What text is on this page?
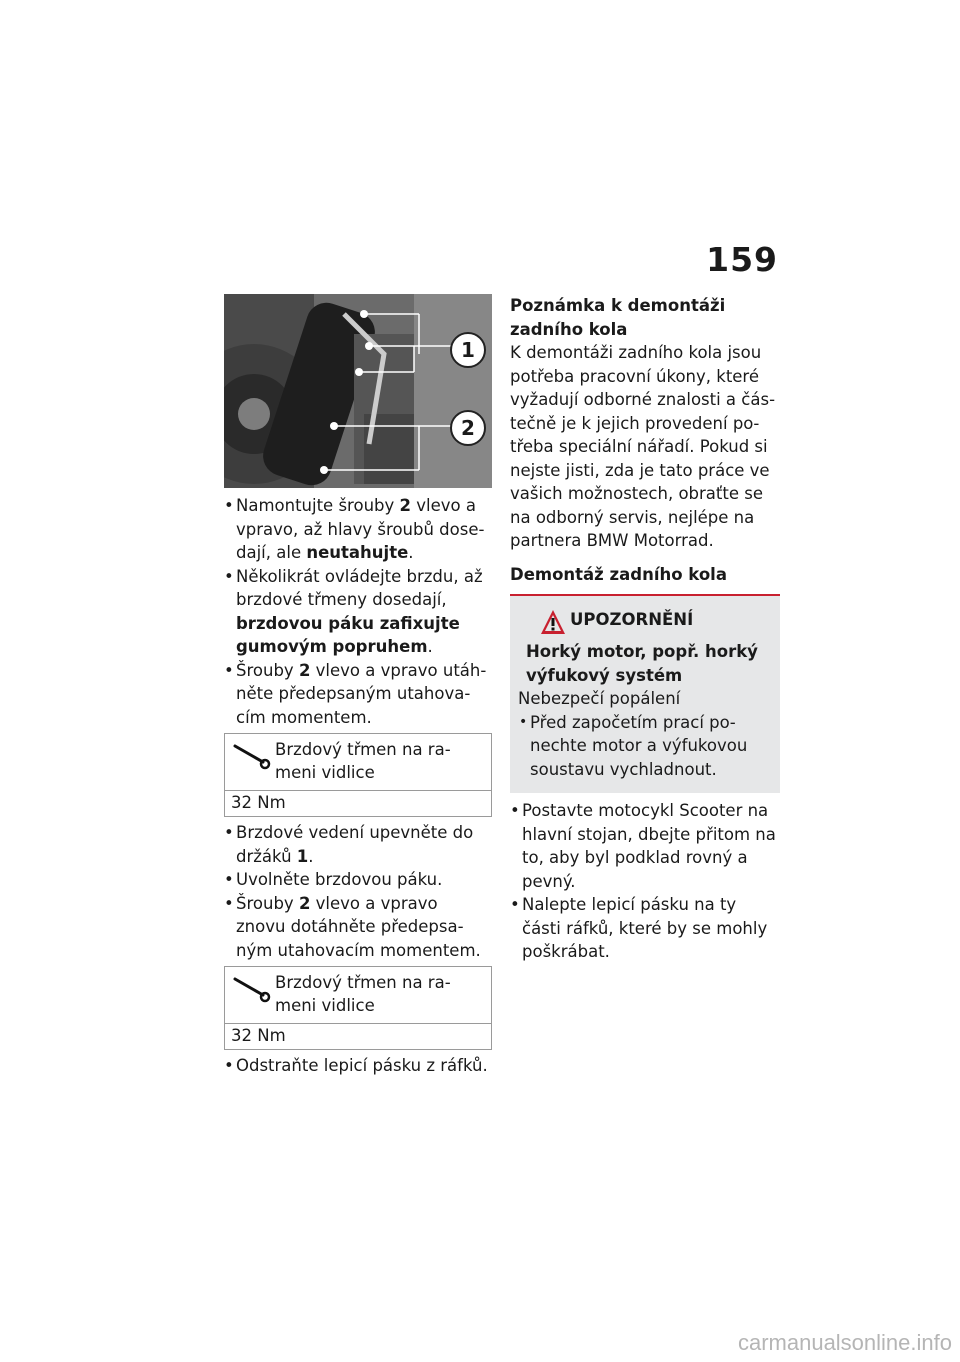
159
1
2
• Namontujte šrouby 2 vlevo a vpravo, až hlavy šroubů dosedají, ale neutahujte.
• Několikrát ovládejte brzdu, až brzdové třmeny dosedají, brzdovou páku zafixujte gumovým popruhem.
• Šrouby 2 vlevo a vpravo utáhněte předepsaným utahovacím momentem.
Brzdový třmen na rameni vidlice
32 Nm
• Brzdové vedení upevněte do držáků 1.
• Uvolněte brzdovou páku.
• Šrouby 2 vlevo a vpravo znovu dotáhněte předepsaným utahovacím momentem.
Brzdový třmen na rameni vidlice
32 Nm
• Odstraňte lepicí pásku z ráfků.

Poznámka k demontáži zadního kola

K demontáži zadního kola jsou potřeba pracovní úkony, které vyžadují odborné znalosti a částečně je k jejich provedení potřeba speciální nářadí. Pokud si nejste jisti, zda je tato práce ve vašich možnostech, obraťte se na odborný servis, nejlépe na partnera BMW Motorrad.

Demontáž zadního kola

UPOZORNĚNÍ
Horký motor, popř. horký výfukový systém
Nebezpečí popálení
• Před započetím prací ponechte motor a výfukovou soustavu vychladnout.
• Postavte motocykl Scooter na hlavní stojan, dbejte přitom na to, aby byl podklad rovný a pevný.
• Nalepte lepicí pásku na ty části ráfků, které by se mohly poškrábat.
carmanualsonline.info
